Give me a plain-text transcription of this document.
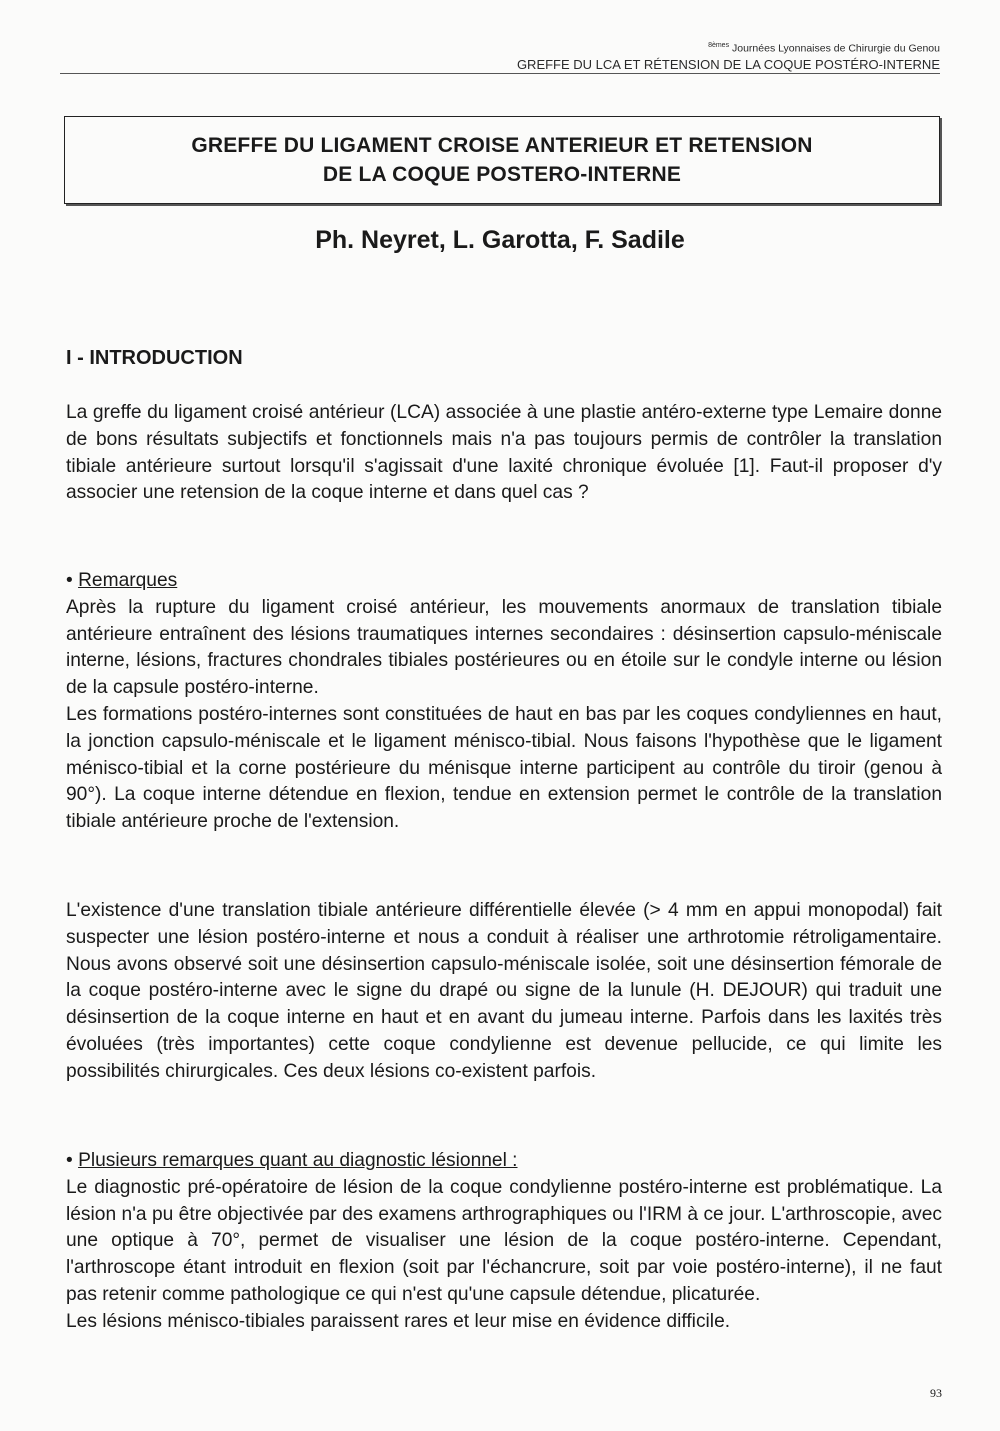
$^{8èmes}$ Journées Lyonnaises de Chirurgie du Genou
GREFFE DU LCA ET RÉTENSION DE LA COQUE POSTÉRO-INTERNE
GREFFE DU LIGAMENT CROISE ANTERIEUR ET RETENSION
DE LA COQUE POSTERO-INTERNE
Ph. Neyret, L. Garotta, F. Sadile
I - INTRODUCTION

La greffe du ligament croisé antérieur (LCA) associée à une plastie antéro-externe type Lemaire donne de bons résultats subjectifs et fonctionnels mais n'a pas toujours permis de contrôler la translation tibiale antérieure surtout lorsqu'il s'agissait d'une laxité chronique évoluée [1]. Faut-il proposer d'y associer une retension de la coque interne et dans quel cas ?

• Remarques

Après la rupture du ligament croisé antérieur, les mouvements anormaux de translation tibiale antérieure entraînent des lésions traumatiques internes secondaires : désinsertion capsulo-méniscale interne, lésions, fractures chondrales tibiales postérieures ou en étoile sur le condyle interne ou lésion de la capsule postéro-interne.

Les formations postéro-internes sont constituées de haut en bas par les coques condyliennes en haut, la jonction capsulo-méniscale et le ligament ménisco-tibial. Nous faisons l'hypothèse que le ligament ménisco-tibial et la corne postérieure du ménisque interne participent au contrôle du tiroir (genou à 90°). La coque interne détendue en flexion, tendue en extension permet le contrôle de la translation tibiale antérieure proche de l'extension.

L'existence d'une translation tibiale antérieure différentielle élevée (> 4 mm en appui monopodal) fait suspecter une lésion postéro-interne et nous a conduit à réaliser une arthrotomie rétroligamentaire. Nous avons observé soit une désinsertion capsulo-méniscale isolée, soit une désinsertion fémorale de la coque postéro-interne avec le signe du drapé ou signe de la lunule (H. DEJOUR) qui traduit une désinsertion de la coque interne en haut et en avant du jumeau interne. Parfois dans les laxités très évoluées (très importantes) cette coque condylienne est devenue pellucide, ce qui limite les possibilités chirurgicales. Ces deux lésions co-existent parfois.

• Plusieurs remarques quant au diagnostic lésionnel :

Le diagnostic pré-opératoire de lésion de la coque condylienne postéro-interne est problématique. La lésion n'a pu être objectivée par des examens arthrographiques ou l'IRM à ce jour. L'arthroscopie, avec une optique à 70°, permet de visualiser une lésion de la coque postéro-interne. Cependant, l'arthroscope étant introduit en flexion (soit par l'échancrure, soit par voie postéro-interne), il ne faut pas retenir comme pathologique ce qui n'est qu'une capsule détendue, plicaturée.

Les lésions ménisco-tibiales paraissent rares et leur mise en évidence difficile.

93
